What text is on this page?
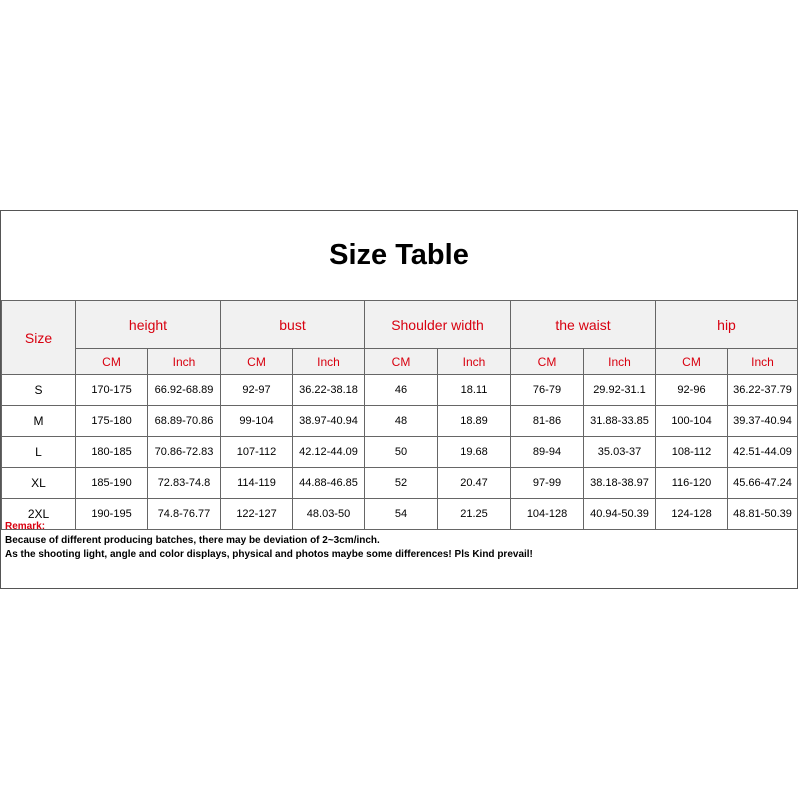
Size Table
Size	height		bust		Shoulder width		the waist		hip	
	CM	Inch	CM	Inch	CM	Inch	CM	Inch	CM	Inch
S	170-175	66.92-68.89	92-97	36.22-38.18	46	18.11	76-79	29.92-31.1	92-96	36.22-37.79
M	175-180	68.89-70.86	99-104	38.97-40.94	48	18.89	81-86	31.88-33.85	100-104	39.37-40.94
L	180-185	70.86-72.83	107-112	42.12-44.09	50	19.68	89-94	35.03-37	108-112	42.51-44.09
XL	185-190	72.83-74.8	114-119	44.88-46.85	52	20.47	97-99	38.18-38.97	116-120	45.66-47.24
2XL	190-195	74.8-76.77	122-127	48.03-50	54	21.25	104-128	40.94-50.39	124-128	48.81-50.39
Remark:
Because of different producing batches, there may be deviation of 2~3cm/inch.
As the shooting light, angle and color displays, physical and photos maybe some differences! Pls Kind prevail!
